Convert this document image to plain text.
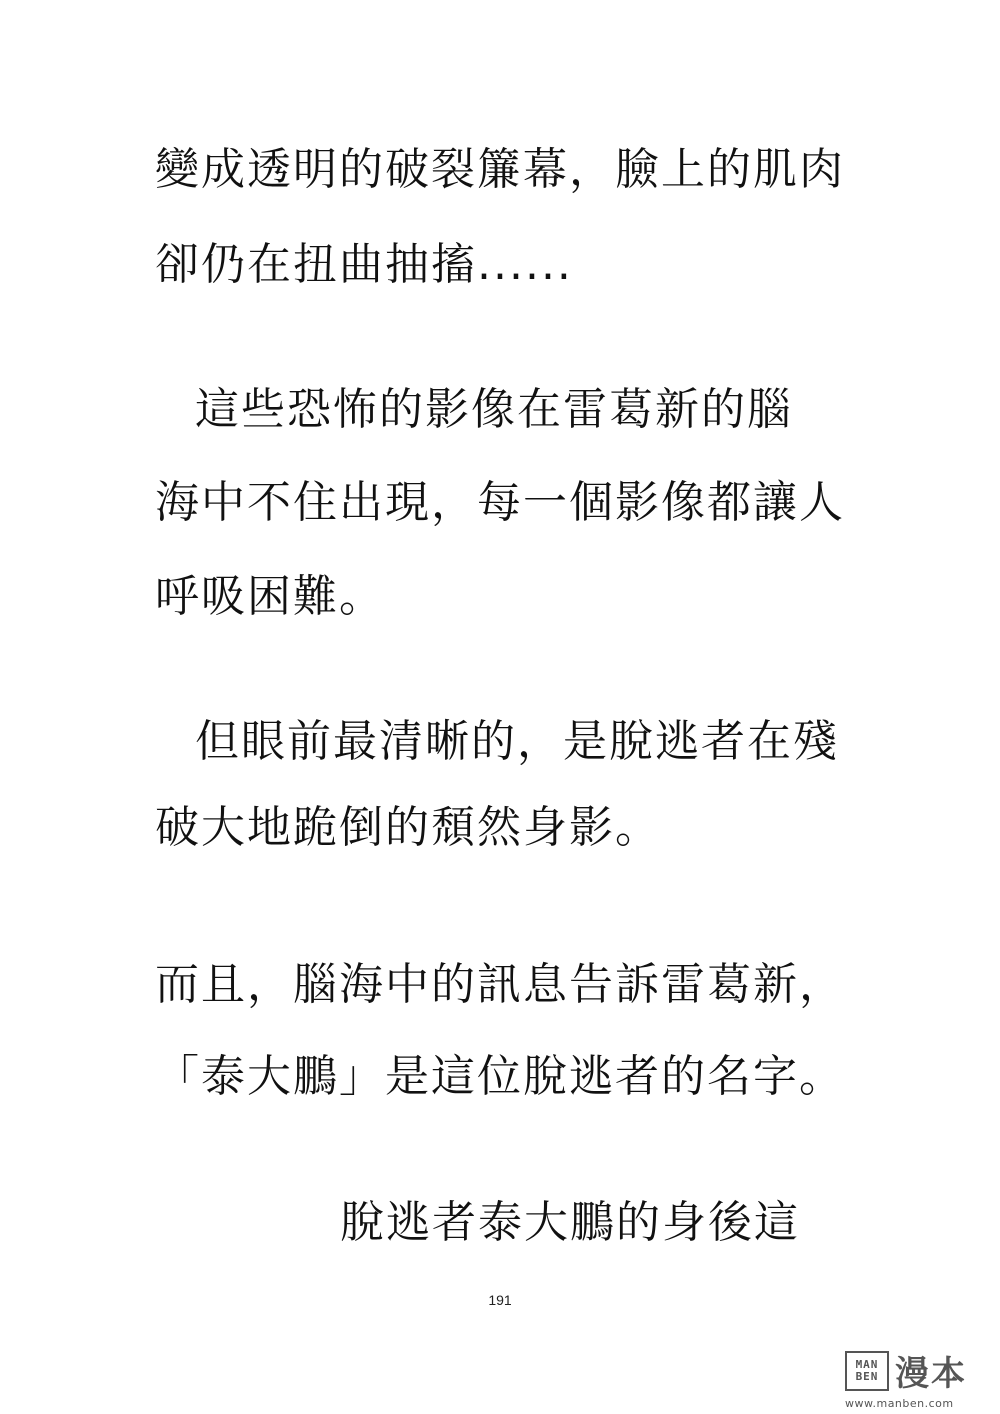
變成透明的破裂簾幕，臉上的肌肉
卻仍在扭曲抽搐......
這些恐怖的影像在雷葛新的腦
海中不住出現，每一個影像都讓人
呼吸困難。
但眼前最清晰的，是脫逃者在殘
破大地跪倒的頹然身影。
而且，腦海中的訊息告訴雷葛新，
「泰大鵬」是這位脫逃者的名字。
脫逃者泰大鵬的身後這
191
MAN
BEN 漫本
www.manben.com
